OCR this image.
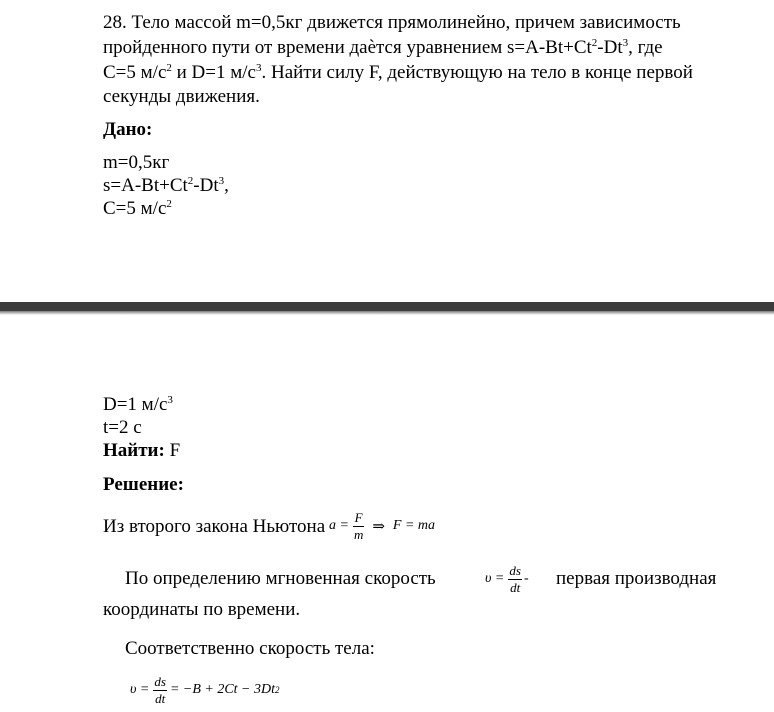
28. Тело массой m=0,5кг движется прямолинейно, причем зависимость
пройденного пути от времени даѐтся уравнением $s=A-Bt+Ct^2-Dt^3$, где
C=5 $м/с^2$ и D=1 $м/с^3$. Найти силу F, действующую на тело в конце первой
секунды движения.
Дано:
m=0,5кг
$s=A-Bt+Ct^2-Dt^3$,
C=5 $м/с^2$
D=1 $м/с^3$
t=2 c
Найти: F
Решение:
Из второго закона Ньютона $a = \frac{F}{m}$ ⇒ F = ma
По определению мгновенная скорость	$\upsilon = \frac{ds}{dt}$ - первая производная
координаты по времени.
Соответственно скорость тела:
$\upsilon = \frac{ds}{dt} = -B + 2Ct - 3Dt$ 2
